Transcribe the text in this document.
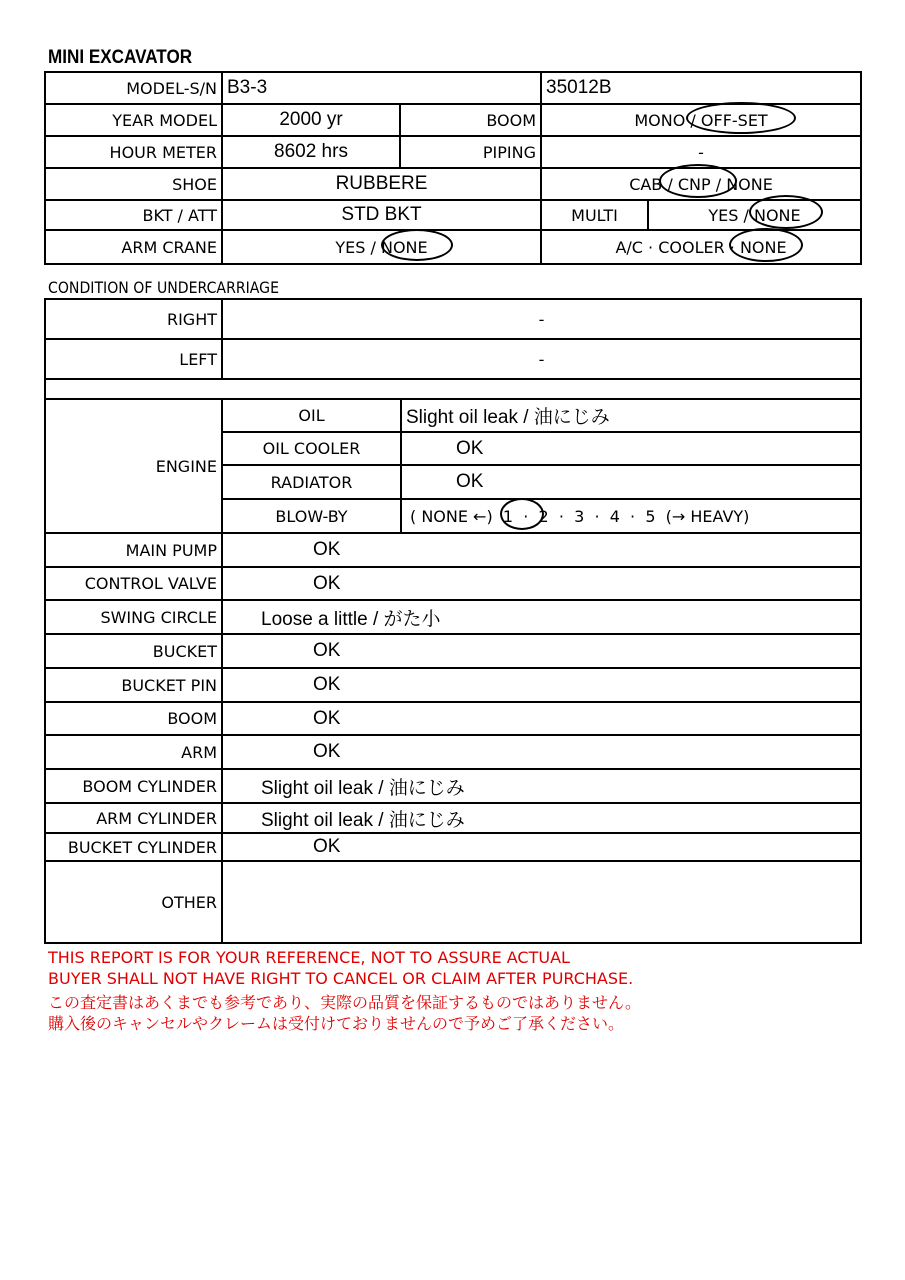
MINI EXCAVATOR
MODEL-S/N	B3-3		35012B	
YEAR MODEL	2000 yr	BOOM	MONO / OFF-SET	
HOUR METER	8602 hrs	PIPING	-	
SHOE	RUBBERE		CAB / CNP / NONE	
BKT / ATT	STD BKT		MULTI	YES / NONE
ARM CRANE	YES / NONE		A/C · COOLER · NONE	
CONDITION OF UNDERCARRIAGE
RIGHT	-
LEFT	-

ENGINE	OIL	Slight oil leak / 油にじみ
	OIL COOLER	OK
	RADIATOR	OK
	BLOW-BY	( NONE ←)  1  ·  2  ·  3  ·  4  ·  5  (→ HEAVY)
MAIN PUMP	OK	
CONTROL VALVE	OK	
SWING CIRCLE	Loose a little / がた小	
BUCKET	OK	
BUCKET PIN	OK	
BOOM	OK	
ARM	OK	
BOOM CYLINDER	Slight oil leak / 油にじみ	
ARM CYLINDER	Slight oil leak / 油にじみ	
BUCKET CYLINDER	OK	
OTHER		
THIS REPORT IS FOR YOUR REFERENCE, NOT TO ASSURE ACTUAL
BUYER SHALL NOT HAVE RIGHT TO CANCEL OR CLAIM AFTER PURCHASE.
この査定書はあくまでも参考であり、実際の品質を保証するものではありません。
購入後のキャンセルやクレームは受付けておりませんので予めご了承ください。
